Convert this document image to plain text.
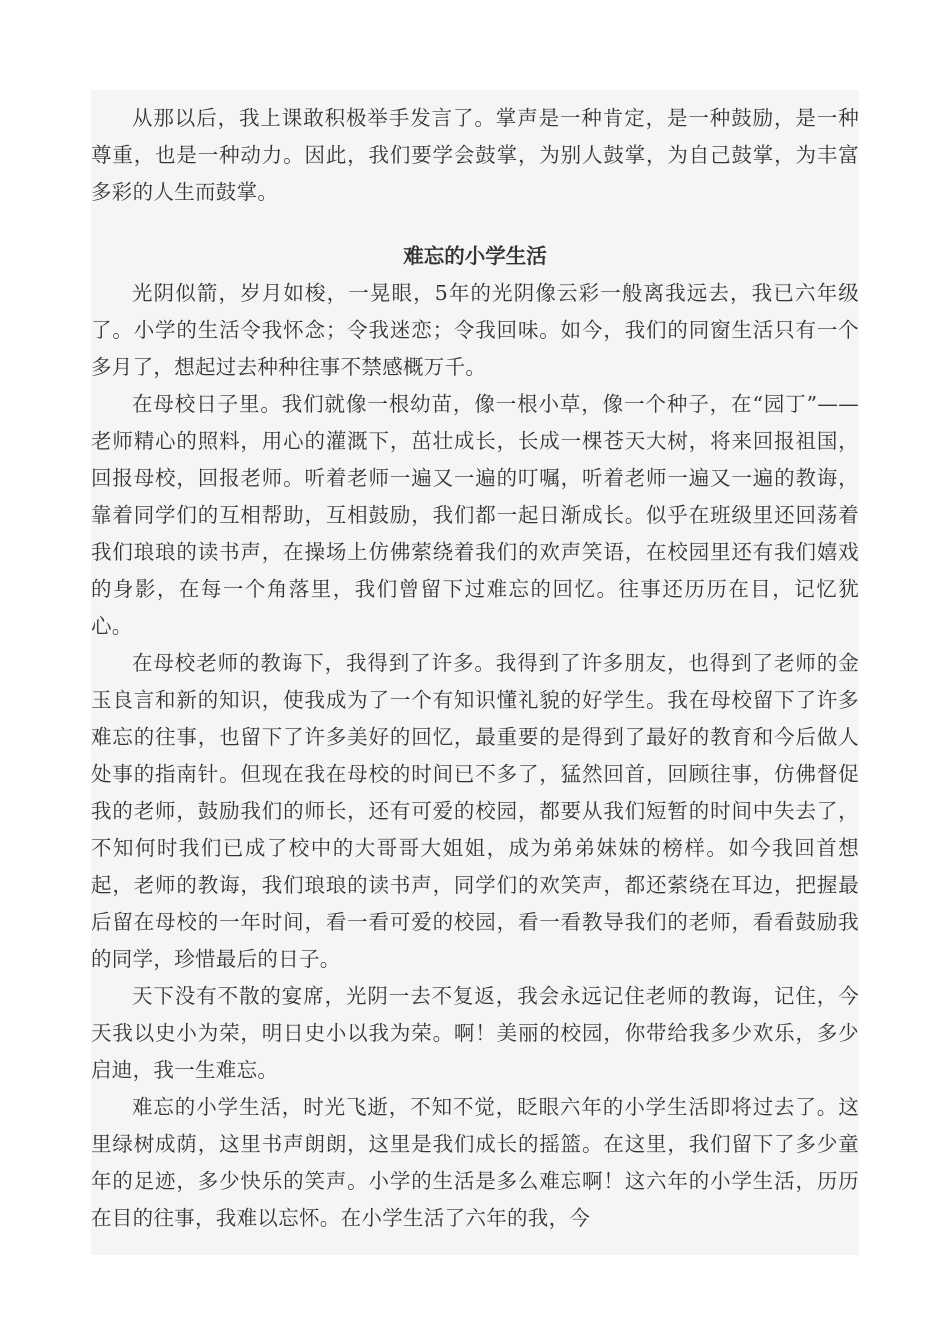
从那以后，我上课敢积极举手发言了。掌声是一种肯定，是一种鼓励，是一种尊重，也是一种动力。因此，我们要学会鼓掌，为别人鼓掌，为自己鼓掌，为丰富多彩的人生而鼓掌。

难忘的小学生活

光阴似箭，岁月如梭，一晃眼，5年的光阴像云彩一般离我远去，我已六年级了。小学的生活令我怀念；令我迷恋；令我回味。如今，我们的同窗生活只有一个多月了，想起过去种种往事不禁感概万千。

在母校日子里。我们就像一根幼苗，像一根小草，像一个种子，在“园丁”——老师精心的照料，用心的灌溉下，茁壮成长，长成一棵苍天大树，将来回报祖国，回报母校，回报老师。听着老师一遍又一遍的叮嘱，听着老师一遍又一遍的教诲，靠着同学们的互相帮助，互相鼓励，我们都一起日渐成长。似乎在班级里还回荡着我们琅琅的读书声，在操场上仿佛萦绕着我们的欢声笑语，在校园里还有我们嬉戏的身影，在每一个角落里，我们曾留下过难忘的回忆。往事还历历在目，记忆犹心。

在母校老师的教诲下，我得到了许多。我得到了许多朋友，也得到了老师的金玉良言和新的知识，使我成为了一个有知识懂礼貌的好学生。我在母校留下了许多难忘的往事，也留下了许多美好的回忆，最重要的是得到了最好的教育和今后做人处事的指南针。但现在我在母校的时间已不多了，猛然回首，回顾往事，仿佛督促我的老师，鼓励我们的师长，还有可爱的校园，都要从我们短暂的时间中失去了，不知何时我们已成了校中的大哥哥大姐姐，成为弟弟妹妹的榜样。如今我回首想起，老师的教诲，我们琅琅的读书声，同学们的欢笑声，都还萦绕在耳边，把握最后留在母校的一年时间，看一看可爱的校园，看一看教导我们的老师，看看鼓励我的同学，珍惜最后的日子。

天下没有不散的宴席，光阴一去不复返，我会永远记住老师的教诲，记住，今天我以史小为荣，明日史小以我为荣。啊！美丽的校园，你带给我多少欢乐，多少启迪，我一生难忘。

难忘的小学生活，时光飞逝，不知不觉，眨眼六年的小学生活即将过去了。这里绿树成荫，这里书声朗朗，这里是我们成长的摇篮。在这里，我们留下了多少童年的足迹，多少快乐的笑声。小学的生活是多么难忘啊！这六年的小学生活，历历在目的往事，我难以忘怀。在小学生活了六年的我，今
